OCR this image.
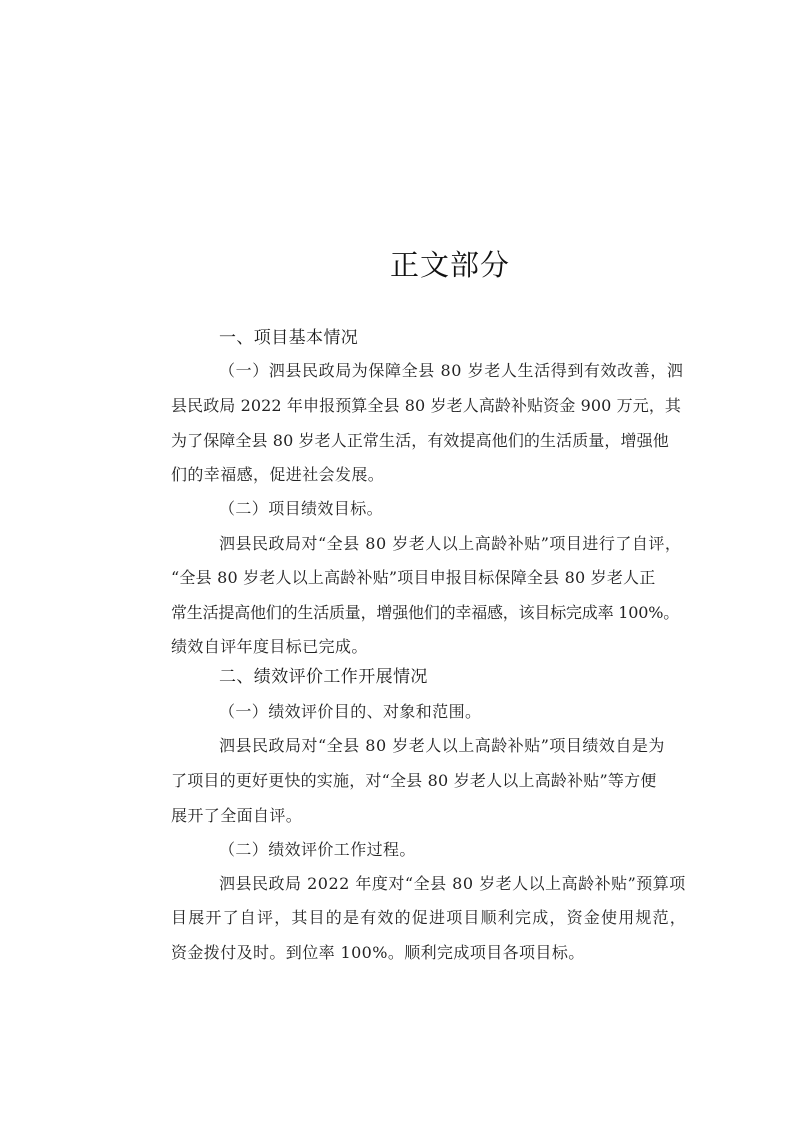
正文部分
一、项目基本情况
（一）泗县民政局为保障全县 80 岁老人生活得到有效改善，泗
县民政局 2022 年申报预算全县 80 岁老人高龄补贴资金 900 万元，其
为了保障全县 80 岁老人正常生活，有效提高他们的生活质量，增强他
们的幸福感，促进社会发展。
（二）项目绩效目标。
泗县民政局对“全县 80 岁老人以上高龄补贴”项目进行了自评，
“全县 80 岁老人以上高龄补贴”项目申报目标保障全县 80 岁老人正
常生活提高他们的生活质量，增强他们的幸福感，该目标完成率 100%。
绩效自评年度目标已完成。
二、绩效评价工作开展情况
（一）绩效评价目的、对象和范围。
泗县民政局对“全县 80 岁老人以上高龄补贴”项目绩效自是为
了项目的更好更快的实施，对“全县 80 岁老人以上高龄补贴”等方便
展开了全面自评。
（二）绩效评价工作过程。
泗县民政局 2022 年度对“全县 80 岁老人以上高龄补贴”预算项
目展开了自评，其目的是有效的促进项目顺利完成，资金使用规范，
资金拨付及时。到位率 100%。顺利完成项目各项目标。
